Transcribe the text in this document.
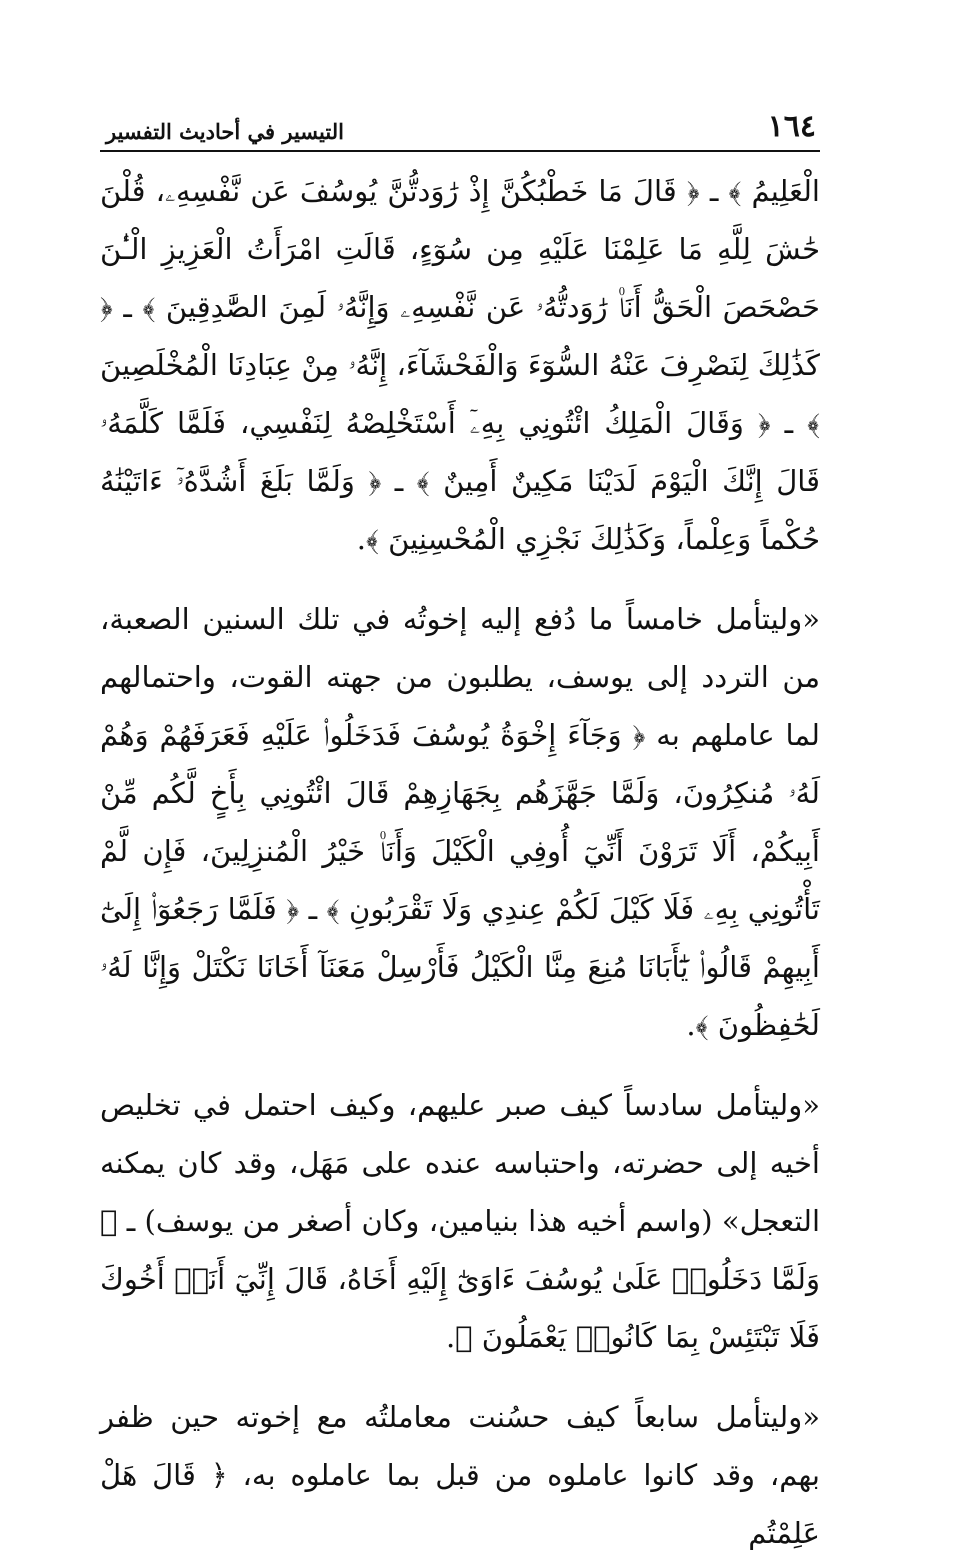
١٦٤
التيسير في أحاديث التفسير

الْعَلِيمُ ﴾ ـ ﴿ قَالَ مَا خَطْبُكُنَّ إِذْ رَٰوَدتُّنَّ يُوسُفَ عَن نَّفْسِهِۦ، قُلْنَ حَٰشَ لِلَّهِ مَا عَلِمْنَا عَلَيْهِ مِن سُوٓءٍ، قَالَتِ امْرَأَتُ الْعَزِيزِ الْـٰٔنَ حَصْحَصَ الْحَقُّ أَنَا۠ رَٰوَدتُّهُۥ عَن نَّفْسِهِۦ وَإِنَّهُۥ لَمِنَ الصَّٰدِقِينَ ﴾ ـ ﴿ كَذَٰلِكَ لِنَصْرِفَ عَنْهُ السُّوٓءَ وَالْفَحْشَآءَ، إِنَّهُۥ مِنْ عِبَادِنَا الْمُخْلَصِينَ ﴾ ـ ﴿ وَقَالَ الْمَلِكُ ائْتُونِي بِهِۦٓ أَسْتَخْلِصْهُ لِنَفْسِي، فَلَمَّا كَلَّمَهُۥ قَالَ إِنَّكَ الْيَوْمَ لَدَيْنَا مَكِينٌ أَمِينٌ ﴾ ـ ﴿ وَلَمَّا بَلَغَ أَشُدَّهُۥٓ ءَاتَيْنَٰهُ حُكْماً وَعِلْماً، وَكَذَٰلِكَ نَجْزِي الْمُحْسِنِينَ ﴾.

«وليتأمل خامساً ما دُفع إليه إخوتُه في تلك السنين الصعبة، من التردد إلى يوسف، يطلبون من جهته القوت، واحتمالهم لما عاملهم به ﴿ وَجَآءَ إِخْوَةُ يُوسُفَ فَدَخَلُوا۟ عَلَيْهِ فَعَرَفَهُمْ وَهُمْ لَهُۥ مُنكِرُونَ، وَلَمَّا جَهَّزَهُم بِجَهَازِهِمْ قَالَ ائْتُونِي بِأَخٍ لَّكُم مِّنْ أَبِيكُمْ، أَلَا تَرَوْنَ أَنِّيٓ أُوفِي الْكَيْلَ وَأَنَا۠ خَيْرُ الْمُنزِلِينَ، فَإِن لَّمْ تَأْتُونِي بِهِۦ فَلَا كَيْلَ لَكُمْ عِندِي وَلَا تَقْرَبُونِ ﴾ ـ ﴿ فَلَمَّا رَجَعُوٓا۟ إِلَىٰٓ أَبِيهِمْ قَالُوا۟ يَٰٓأَبَانَا مُنِعَ مِنَّا الْكَيْلُ فَأَرْسِلْ مَعَنَآ أَخَانَا نَكْتَلْ وَإِنَّا لَهُۥ لَحَٰفِظُونَ ﴾.

«وليتأمل سادساً كيف صبر عليهم، وكيف احتمل في تخليص أخيه إلى حضرته، واحتباسه عنده على مَهَل، وقد كان يمكنه التعجل» (واسم أخيه هذا بنيامين، وكان أصغر من يوسف) ـ ﴿ وَلَمَّا دَخَلُوا۟ عَلَىٰ يُوسُفَ ءَاوَىٰٓ إِلَيْهِ أَخَاهُ، قَالَ إِنِّيٓ أَنَا۠ أَخُوكَ فَلَا تَبْتَئِسْ بِمَا كَانُوا۟ يَعْمَلُونَ ﴾.

«وليتأمل سابعاً كيف حسُنت معاملتُه مع إخوته حين ظفر بهم، وقد كانوا عاملوه من قبل بما عاملوه به، ﴿ قَالَ هَلْ عَلِمْتُم
